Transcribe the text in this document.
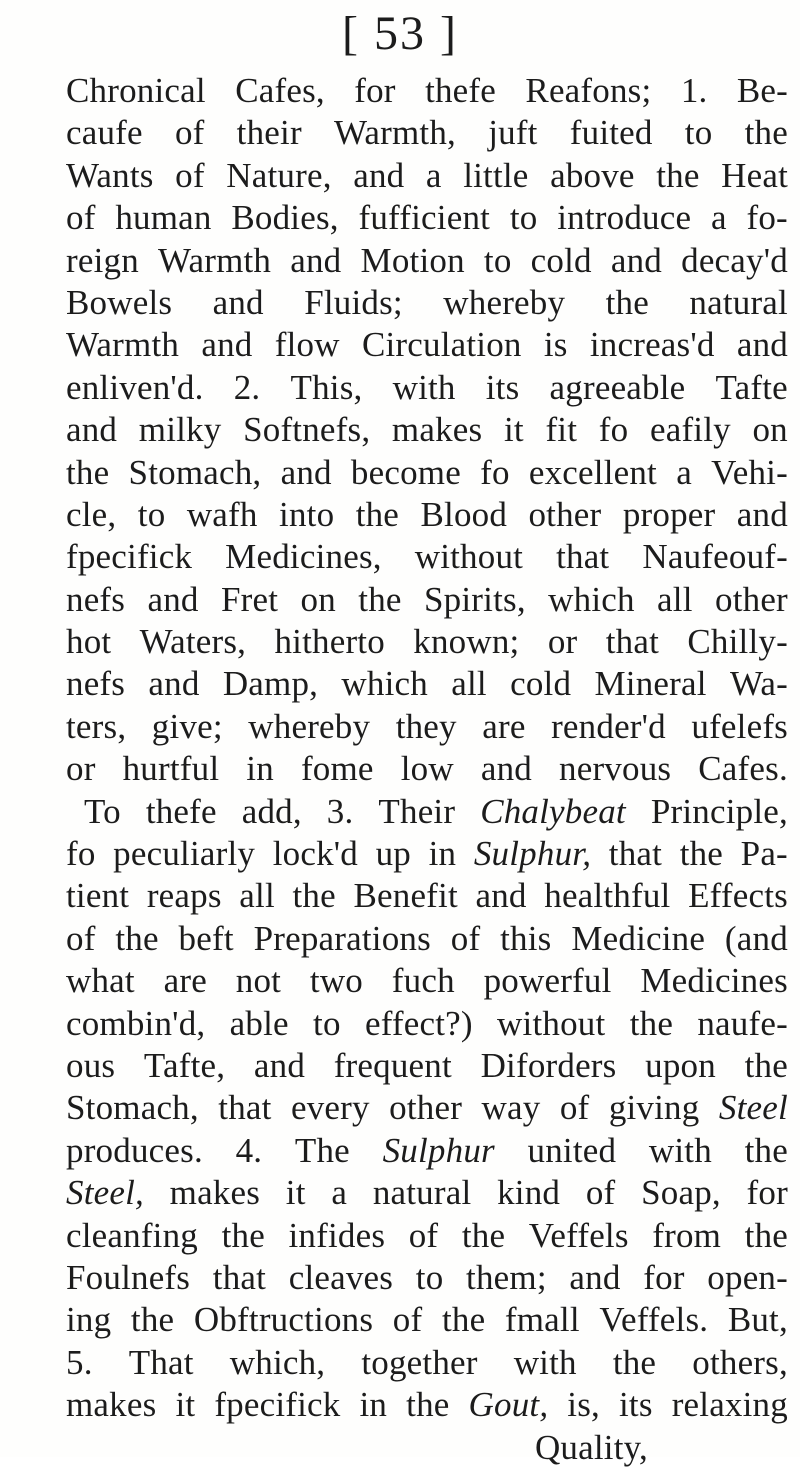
[ 53 ]
Chronical Cafes, for thefe Reafons; 1. Be-
caufe of their Warmth, juft fuited to the
Wants of Nature, and a little above the Heat
of human Bodies, fufficient to introduce a fo-
reign Warmth and Motion to cold and decay'd
Bowels and Fluids; whereby the natural
Warmth and flow Circulation is increas'd and
enliven'd. 2. This, with its agreeable Tafte
and milky Softnefs, makes it fit fo eafily on
the Stomach, and become fo excellent a Vehi-
cle, to wafh into the Blood other proper and
fpecifick Medicines, without that Naufeouf-
nefs and Fret on the Spirits, which all other
hot Waters, hitherto known; or that Chilly-
nefs and Damp, which all cold Mineral Wa-
ters, give; whereby they are render'd ufelefs
or hurtful in fome low and nervous Cafes.
To thefe add, 3. Their Chalybeat Principle,
fo peculiarly lock'd up in Sulphur, that the Pa-
tient reaps all the Benefit and healthful Effects
of the beft Preparations of this Medicine (and
what are not two fuch powerful Medicines
combin'd, able to effect?) without the naufe-
ous Tafte, and frequent Diforders upon the
Stomach, that every other way of giving Steel
produces. 4. The Sulphur united with the
Steel, makes it a natural kind of Soap, for
cleanfing the infides of the Veffels from the
Foulnefs that cleaves to them; and for open-
ing the Obftructions of the fmall Veffels. But,
5. That which, together with the others,
makes it fpecifick in the Gout, is, its relaxing
Quality,
